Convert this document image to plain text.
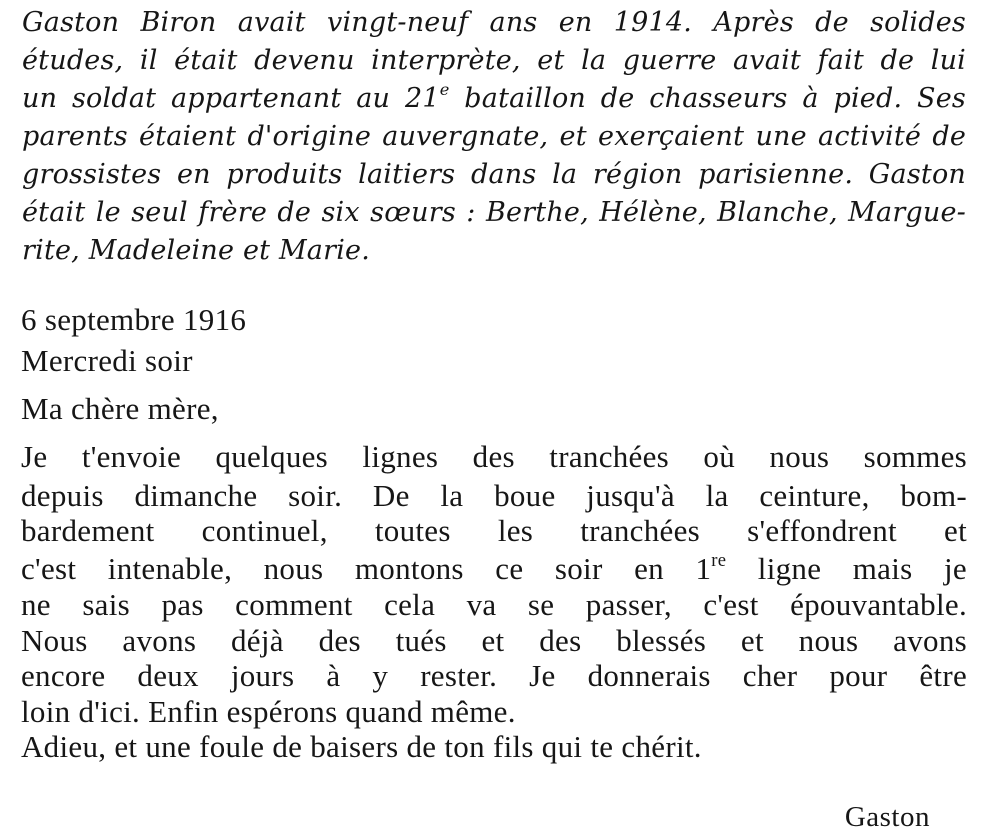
Gaston Biron avait vingt-neuf ans en 1914. Après de solides

études, il était devenu interprète, et la guerre avait fait de lui

un soldat appartenant au 21e bataillon de chasseurs à pied. Ses

parents étaient d'origine auvergnate, et exerçaient une activité de

grossistes en produits laitiers dans la région parisienne. Gaston

était le seul frère de six sœurs : Berthe, Hélène, Blanche, Margue-

rite, Madeleine et Marie.

6 septembre 1916

Mercredi soir

Ma chère mère,

Je t'envoie quelques lignes des tranchées où nous sommes

depuis dimanche soir. De la boue jusqu'à la ceinture, bom-

bardement continuel, toutes les tranchées s'effondrent et

c'est intenable, nous montons ce soir en 1re ligne mais je

ne sais pas comment cela va se passer, c'est épouvantable.

Nous avons déjà des tués et des blessés et nous avons

encore deux jours à y rester. Je donnerais cher pour être

loin d'ici. Enfin espérons quand même.

Adieu, et une foule de baisers de ton fils qui te chérit.

Gaston
